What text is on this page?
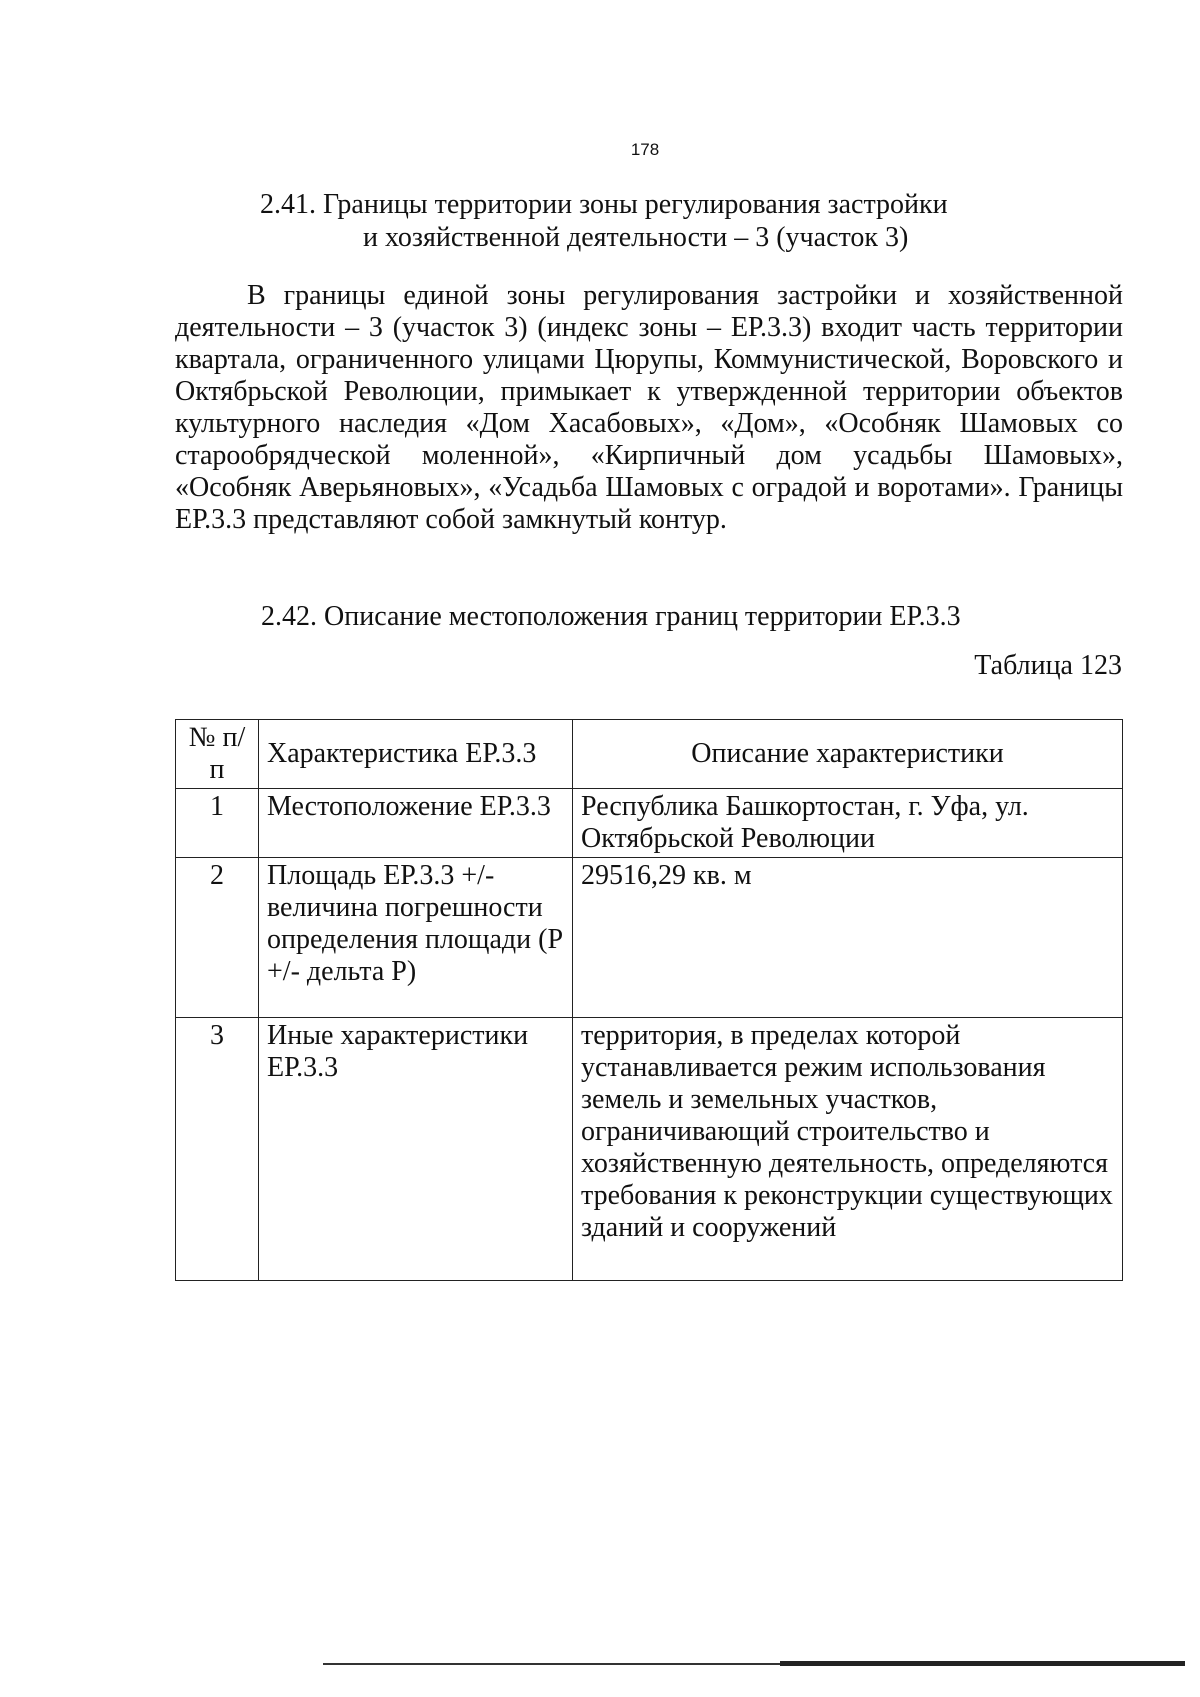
178
2.41. Границы территории зоны регулирования застройки
и хозяйственной деятельности – 3 (участок 3)

В границы единой зоны регулирования застройки и хозяйственной деятельности – 3 (участок 3) (индекс зоны – ЕР.3.3) входит часть территории квартала, ограниченного улицами Цюрупы, Коммунистической, Воровского и Октябрьской Революции, примыкает к утвержденной территории объектов культурного наследия «Дом Хасабовых», «Дом», «Особняк Шамовых со старообрядческой моленной», «Кирпичный дом усадьбы Шамовых», «Особняк Аверьяновых», «Усадьба Шамовых с оградой и воротами». Границы ЕР.3.3 представляют собой замкнутый контур.

2.42. Описание местоположения границ территории ЕР.3.3
Таблица 123
№ п/п	Характеристика ЕР.3.3	Описание характеристики
1	Местоположение ЕР.3.3	Республика Башкортостан, г. Уфа, ул. Октябрьской Революции
2	Площадь ЕР.3.3 +/- величина погрешности определения площади (Р +/- дельта Р)	29516,29 кв. м
3	Иные характеристики ЕР.3.3	территория, в пределах которой устанавливается режим использования земель и земельных участков, ограничивающий строительство и хозяйственную деятельность, определяются требования к реконструкции существующих зданий и сооружений
